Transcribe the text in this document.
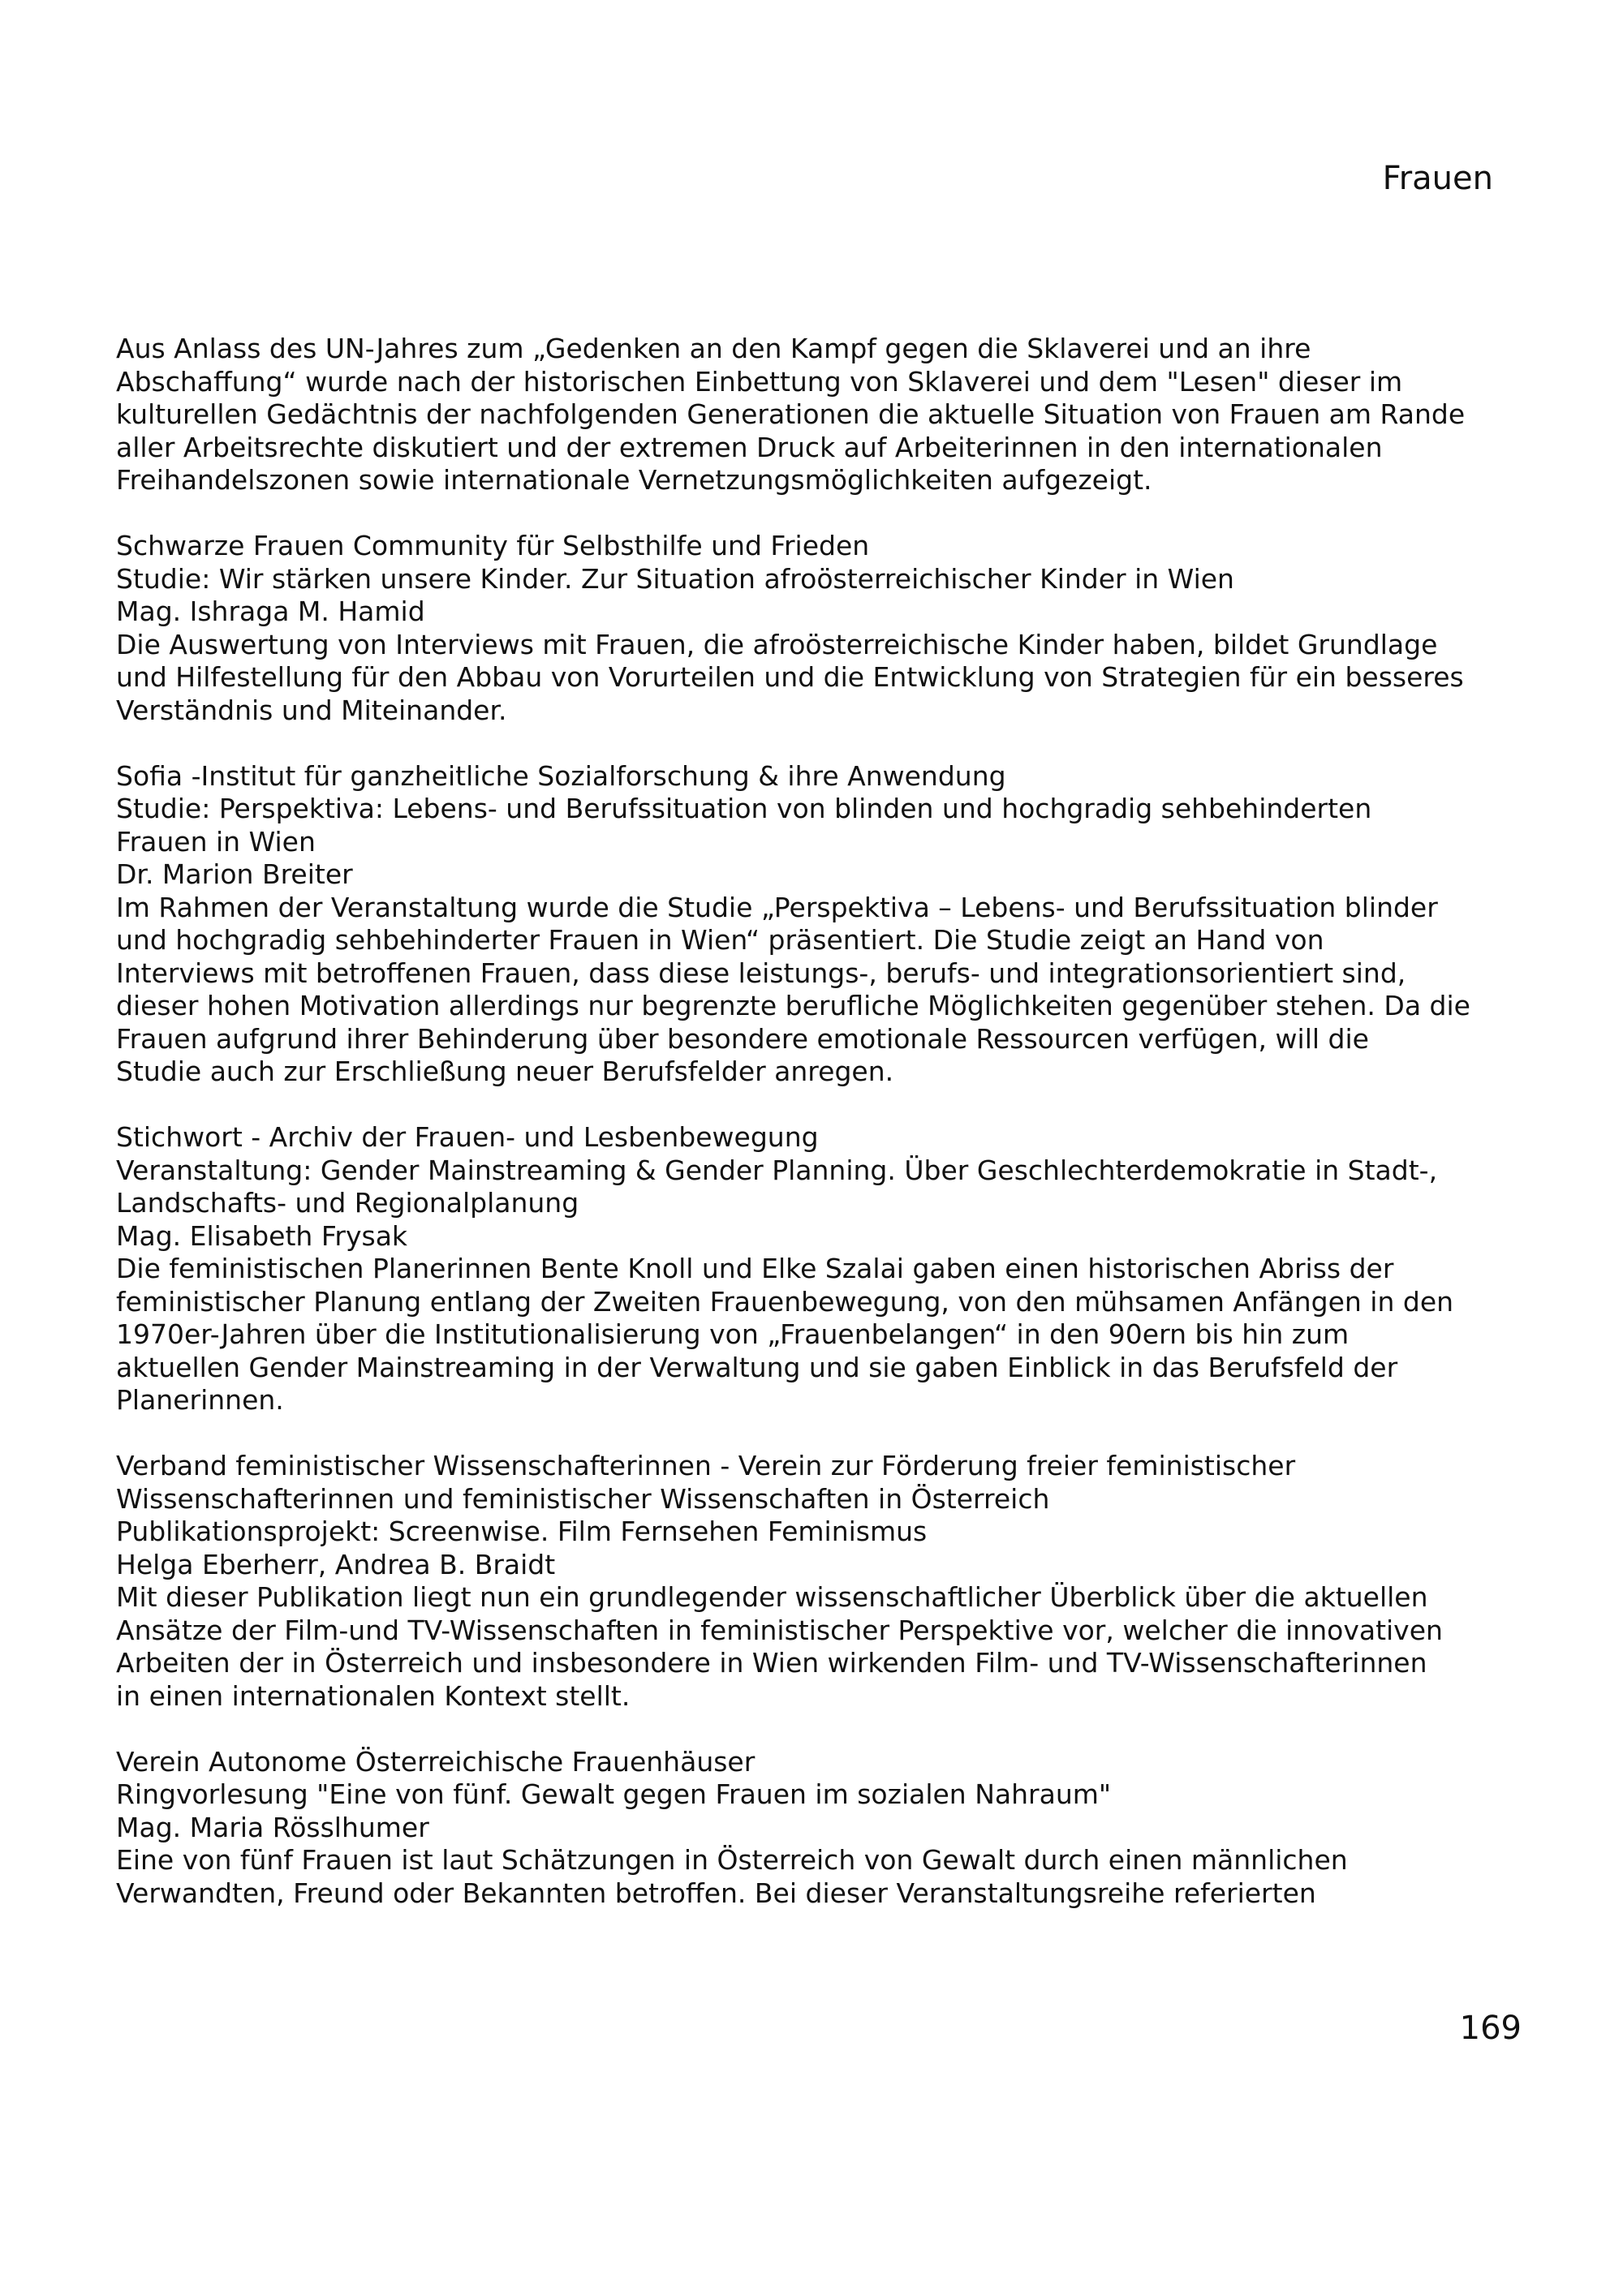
Frauen
Aus Anlass des UN-Jahres zum „Gedenken an den Kampf gegen die Sklaverei und an ihre
Abschaffung“ wurde nach der historischen Einbettung von Sklaverei und dem "Lesen" dieser im
kulturellen Gedächtnis der nachfolgenden Generationen die aktuelle Situation von Frauen am Rande
aller Arbeitsrechte diskutiert und der extremen Druck auf Arbeiterinnen in den internationalen
Freihandelszonen sowie internationale Vernetzungsmöglichkeiten aufgezeigt.
Schwarze Frauen Community für Selbsthilfe und Frieden
Studie: Wir stärken unsere Kinder. Zur Situation afroösterreichischer Kinder in Wien
Mag. Ishraga M. Hamid
Die Auswertung von Interviews mit Frauen, die afroösterreichische Kinder haben, bildet Grundlage
und Hilfestellung für den Abbau von Vorurteilen und die Entwicklung von Strategien für ein besseres
Verständnis und Miteinander.
Sofia -Institut für ganzheitliche Sozialforschung & ihre Anwendung
Studie: Perspektiva: Lebens- und Berufssituation von blinden und hochgradig sehbehinderten
Frauen in Wien
Dr. Marion Breiter
Im Rahmen der Veranstaltung wurde die Studie „Perspektiva – Lebens- und Berufssituation blinder
und hochgradig sehbehinderter Frauen in Wien“ präsentiert. Die Studie zeigt an Hand von
Interviews mit betroffenen Frauen, dass diese leistungs-, berufs- und integrationsorientiert sind,
dieser hohen Motivation allerdings nur begrenzte berufliche Möglichkeiten gegenüber stehen. Da die
Frauen aufgrund ihrer Behinderung über besondere emotionale Ressourcen verfügen, will die
Studie auch zur Erschließung neuer Berufsfelder anregen.
Stichwort - Archiv der Frauen- und Lesbenbewegung
Veranstaltung: Gender Mainstreaming & Gender Planning. Über Geschlechterdemokratie in Stadt-,
Landschafts- und Regionalplanung
Mag. Elisabeth Frysak
Die feministischen Planerinnen Bente Knoll und Elke Szalai gaben einen historischen Abriss der
feministischer Planung entlang der Zweiten Frauenbewegung, von den mühsamen Anfängen in den
1970er-Jahren über die Institutionalisierung von „Frauenbelangen“ in den 90ern bis hin zum
aktuellen Gender Mainstreaming in der Verwaltung und sie gaben Einblick in das Berufsfeld der
Planerinnen.
Verband feministischer Wissenschafterinnen - Verein zur Förderung freier feministischer
Wissenschafterinnen und feministischer Wissenschaften in Österreich
Publikationsprojekt: Screenwise. Film Fernsehen Feminismus
Helga Eberherr, Andrea B. Braidt
Mit dieser Publikation liegt nun ein grundlegender wissenschaftlicher Überblick über die aktuellen
Ansätze der Film-und TV-Wissenschaften in feministischer Perspektive vor, welcher die innovativen
Arbeiten der in Österreich und insbesondere in Wien wirkenden Film- und TV-Wissenschafterinnen
in einen internationalen Kontext stellt.
Verein Autonome Österreichische Frauenhäuser
Ringvorlesung "Eine von fünf. Gewalt gegen Frauen im sozialen Nahraum"
Mag. Maria Rösslhumer
Eine von fünf Frauen ist laut Schätzungen in Österreich von Gewalt durch einen männlichen
Verwandten, Freund oder Bekannten betroffen. Bei dieser Veranstaltungsreihe referierten
169
